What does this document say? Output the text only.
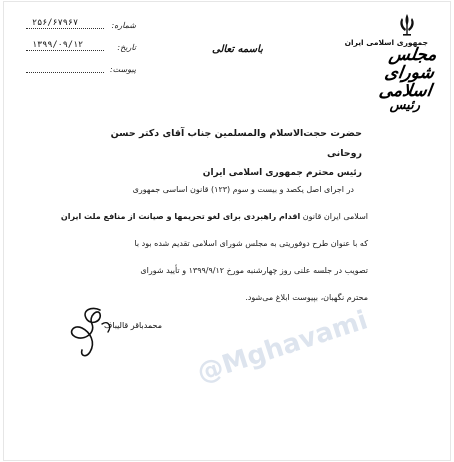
۲۵۶/۶۷۹۶۷	شماره:
۱۳۹۹/۰۹/۱۲	تاریخ:
پیوست:
جمهوری اسلامی ایران
مجلس شورای اسلامی
رئیس
باسمه تعالی
حضرت حجت‌الاسلام والمسلمین جناب آقای دکتر حسن روحانی
رئیس محترم جمهوری اسلامی ایران
در اجرای اصل یکصد و بیست و سوم (۱۲۳) قانون اساسی جمهوری
اسلامی ایران قانون اقدام راهبردی برای لغو تحریمها و صیانت از منافع ملت ایران
که با عنوان طرح دوفوریتی به مجلس شورای اسلامی تقدیم شده بود با
تصویب در جلسه علنی روز چهارشنبه مورخ ۱۳۹۹/۹/۱۲ و تأیید شورای
محترم نگهبان، بپیوست ابلاغ می‌شود.
محمدباقر قالیباف @Mghavami
